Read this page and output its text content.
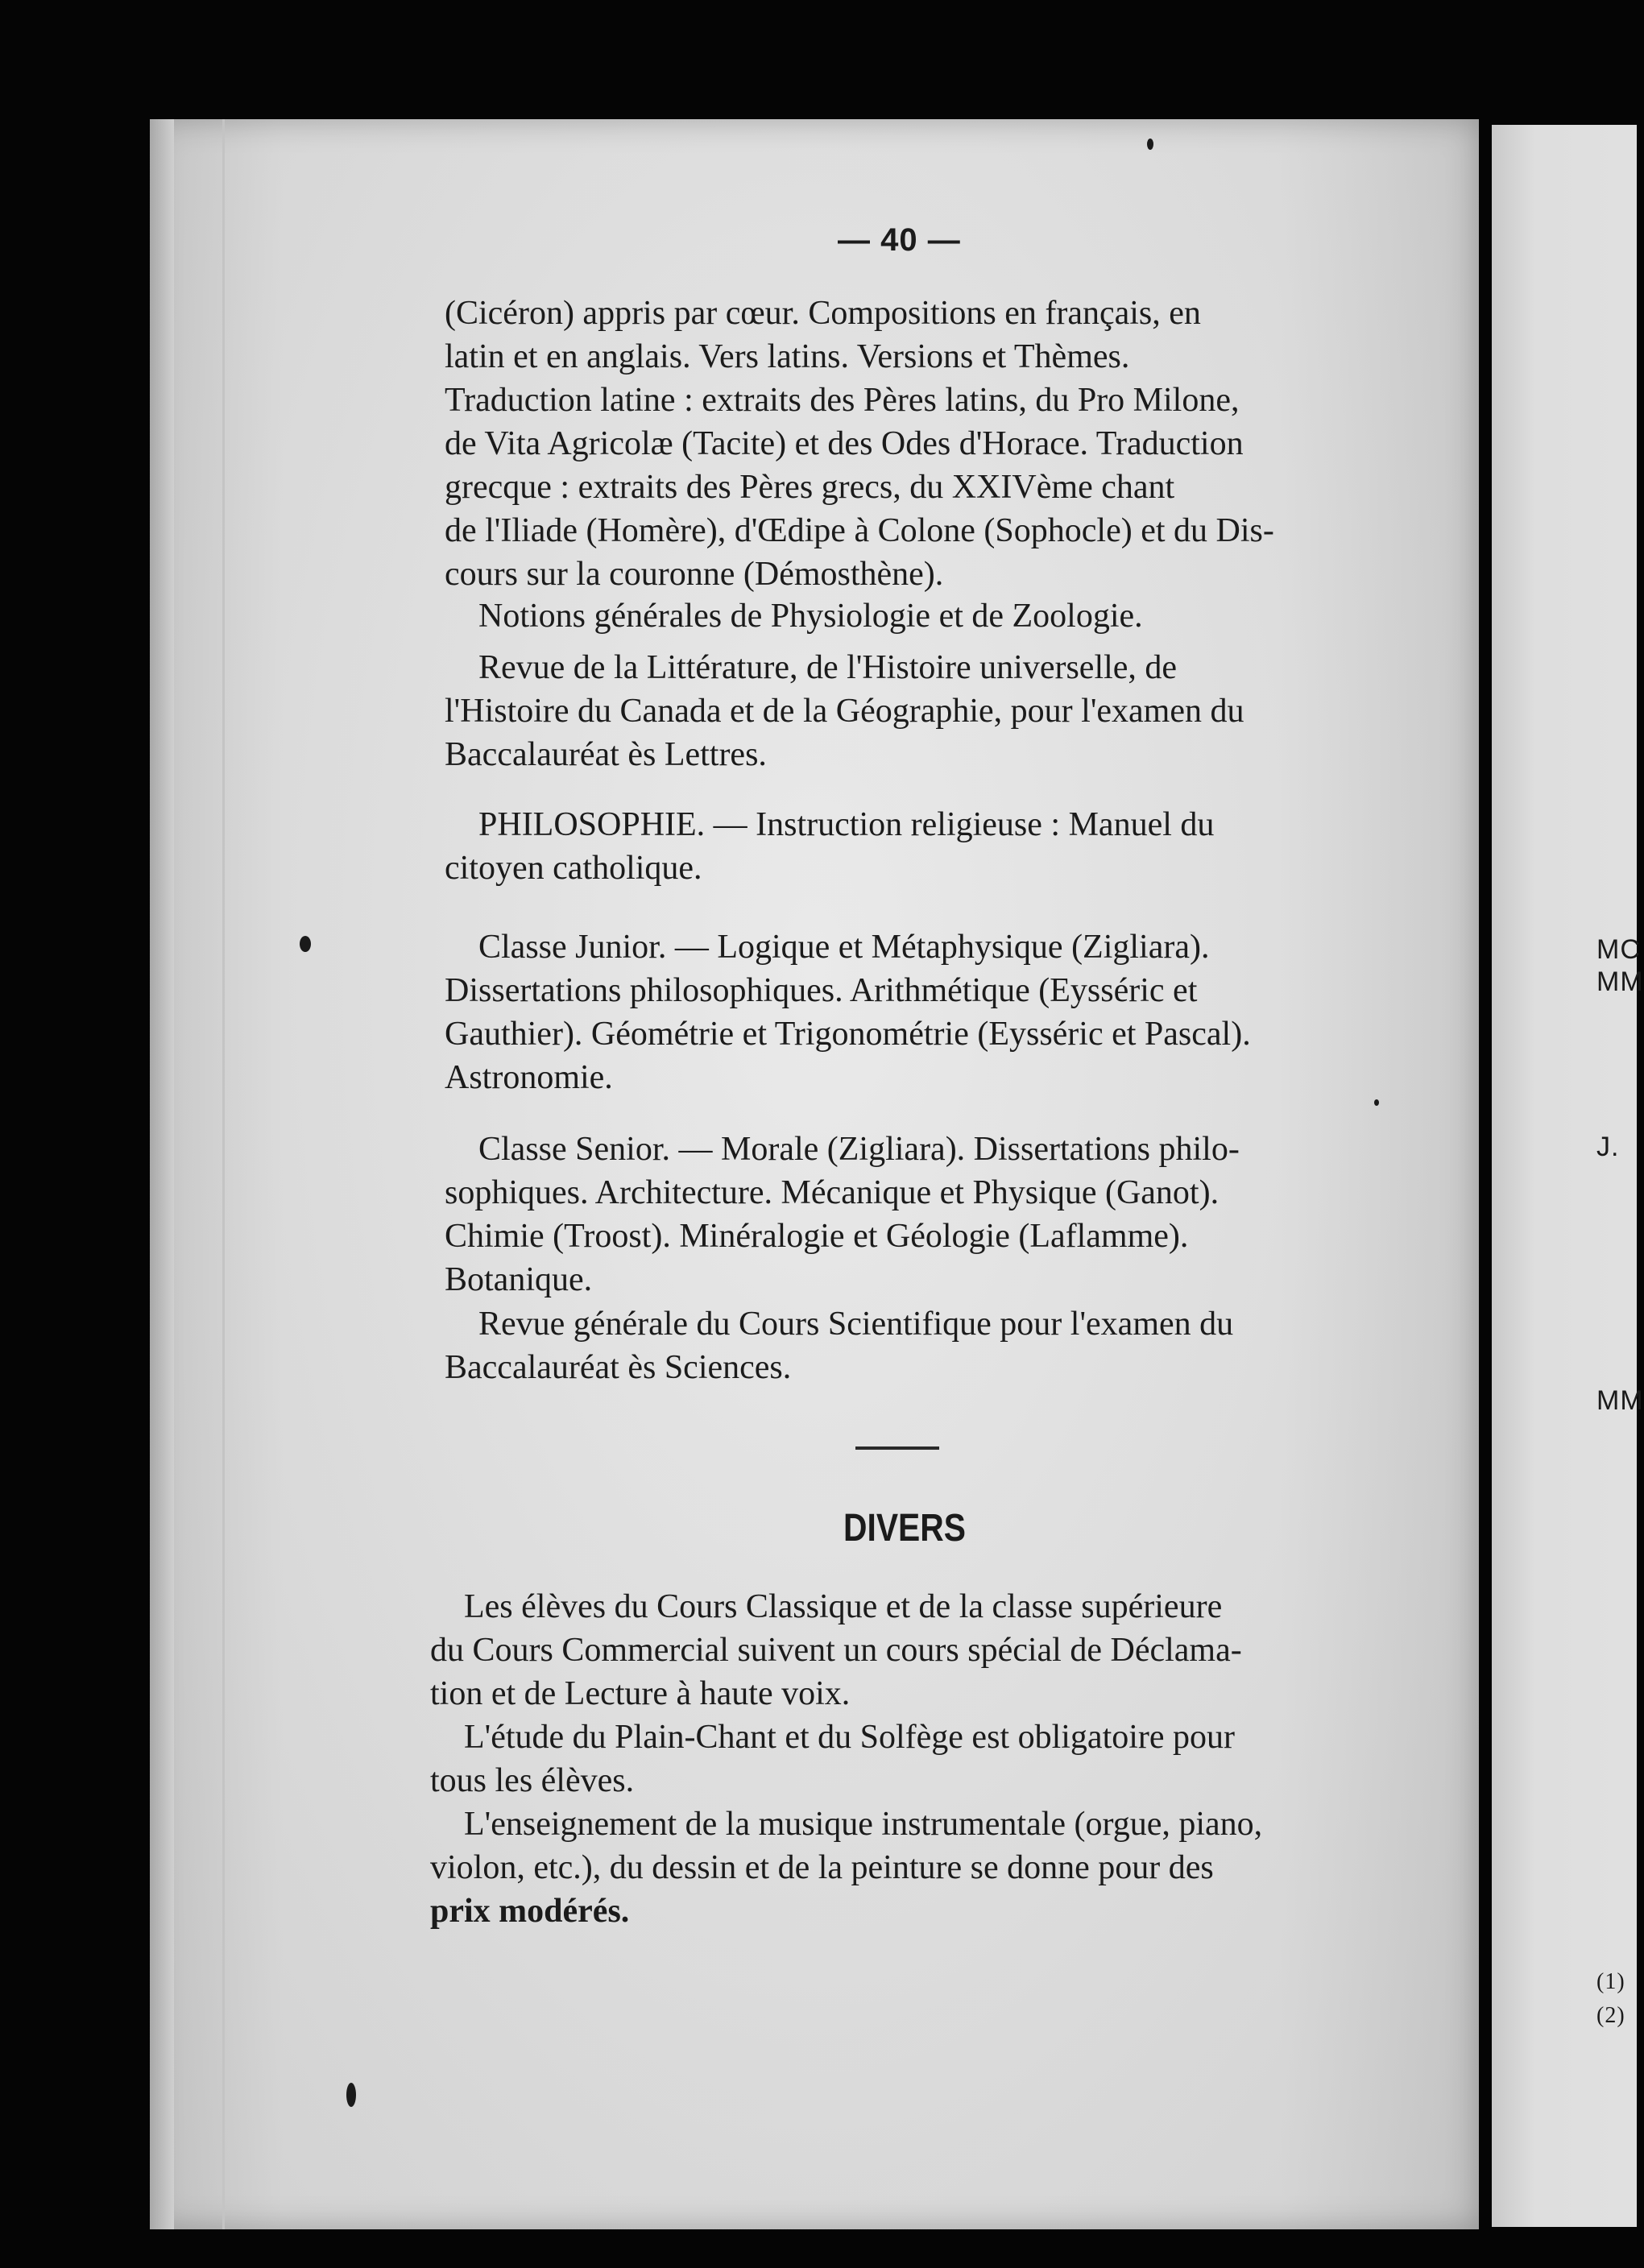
MC
MM
J.
MM
(1)
(2)
— 40 —

(Cicéron) appris par cœur. Compositions en français, en

latin et en anglais. Vers latins. Versions et Thèmes.

Traduction latine : extraits des Pères latins, du Pro Milone,

de Vita Agricolæ (Tacite) et des Odes d'Horace. Traduction

grecque : extraits des Pères grecs, du XXIVème chant

de l'Iliade (Homère), d'Œdipe à Colone (Sophocle) et du Dis-

cours sur la couronne (Démosthène).

Notions générales de Physiologie et de Zoologie.

Revue de la Littérature, de l'Histoire universelle, de

l'Histoire du Canada et de la Géographie, pour l'examen du

Baccalauréat ès Lettres.

PHILOSOPHIE. — Instruction religieuse : Manuel du

citoyen catholique.

Classe Junior. — Logique et Métaphysique (Zigliara).

Dissertations philosophiques. Arithmétique (Eysséric et

Gauthier). Géométrie et Trigonométrie (Eysséric et Pascal).

Astronomie.

Classe Senior. — Morale (Zigliara). Dissertations philo-

sophiques. Architecture. Mécanique et Physique (Ganot).

Chimie (Troost). Minéralogie et Géologie (Laflamme).

Botanique.

Revue générale du Cours Scientifique pour l'examen du

Baccalauréat ès Sciences.

DIVERS

Les élèves du Cours Classique et de la classe supérieure

du Cours Commercial suivent un cours spécial de Déclama-

tion et de Lecture à haute voix.

L'étude du Plain-Chant et du Solfège est obligatoire pour

tous les élèves.

L'enseignement de la musique instrumentale (orgue, piano,

violon, etc.), du dessin et de la peinture se donne pour des

prix modérés.
